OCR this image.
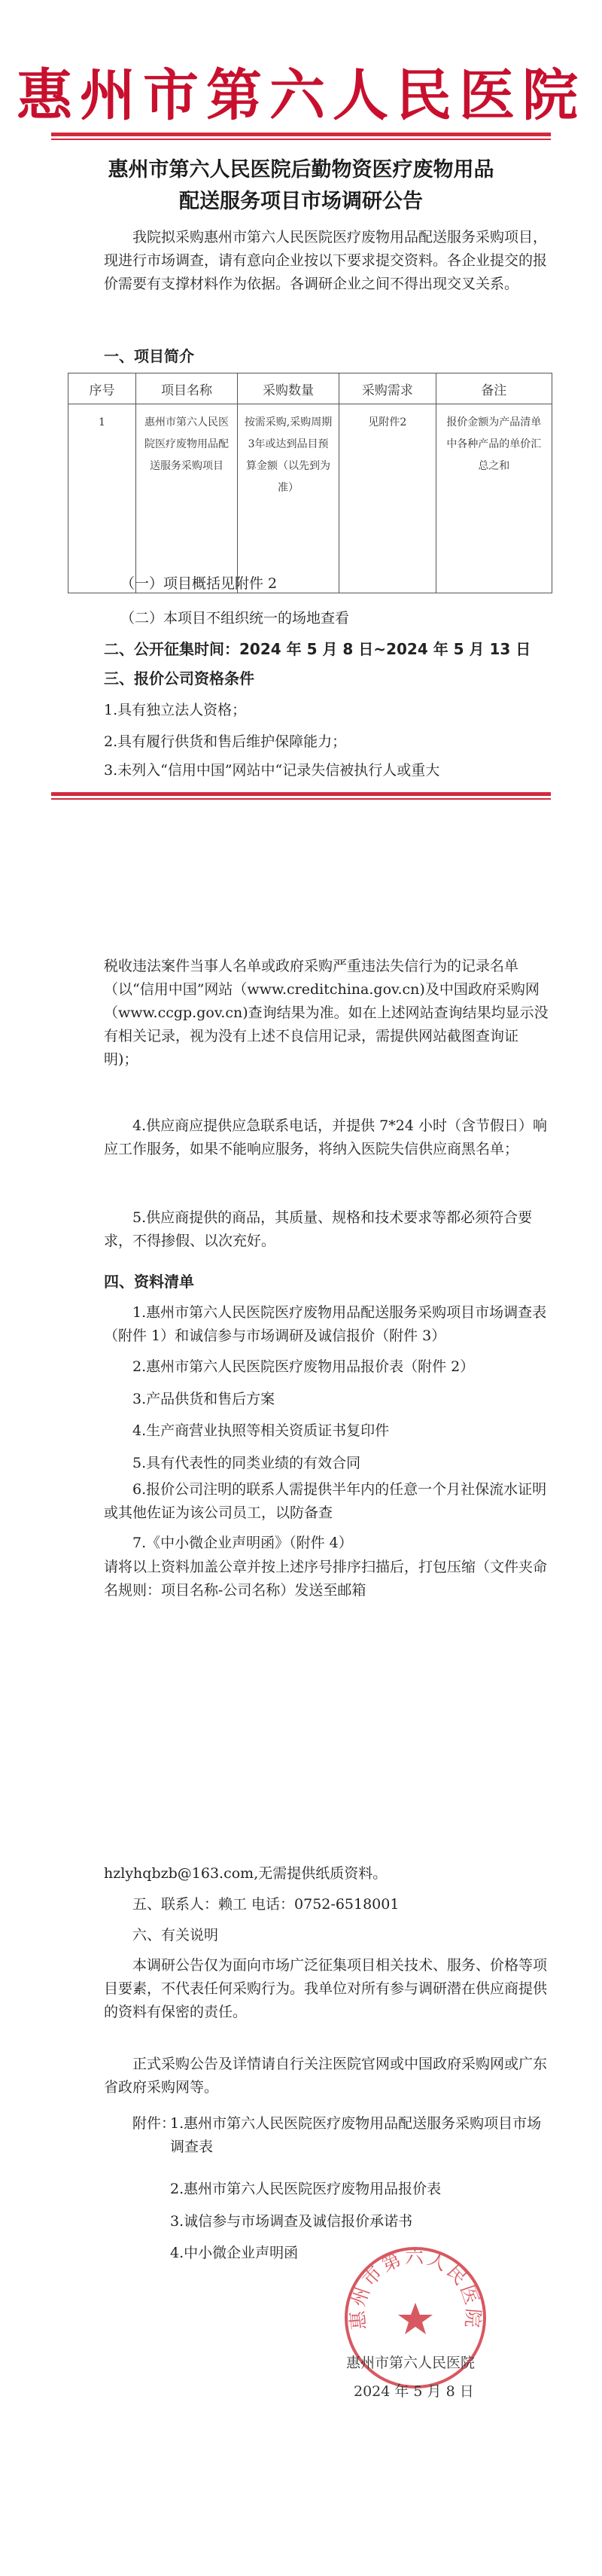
惠州市第六人民医院
惠州市第六人民医院后勤物资医疗废物用品
配送服务项目市场调研公告

我院拟采购惠州市第六人民医院医疗废物用品配送服务采购项目，现进行市场调查，请有意向企业按以下要求提交资料。各企业提交的报价需要有支撑材料作为依据。各调研企业之间不得出现交叉关系。

一、项目简介
序号	项目名称	采购数量	采购需求	备注
1	惠州市第六人民医院医疗废物用品配送服务采购项目	按需采购,采购周期3年或达到品目预算金额（以先到为准）	见附件2	报价金额为产品清单中各种产品的单价汇总之和
（一）项目概括见附件 2
（二）本项目不组织统一的场地查看
二、公开征集时间：2024 年 5 月 8 日~2024 年 5 月 13 日
三、报价公司资格条件
1.具有独立法人资格；
2.具有履行供货和售后维护保障能力；
3.未列入“信用中国”网站中“记录失信被执行人或重大

税收违法案件当事人名单或政府采购严重违法失信行为的记录名单（以“信用中国”网站（www.creditchina.gov.cn)及中国政府采购网（www.ccgp.gov.cn)查询结果为准。如在上述网站查询结果均显示没有相关记录，视为没有上述不良信用记录，需提供网站截图查询证明)；

4.供应商应提供应急联系电话，并提供 7*24 小时（含节假日）响应工作服务，如果不能响应服务，将纳入医院失信供应商黑名单；

5.供应商提供的商品，其质量、规格和技术要求等都必须符合要求，不得掺假、以次充好。

四、资料清单

1.惠州市第六人民医院医疗废物用品配送服务采购项目市场调查表（附件 1）和诚信参与市场调研及诚信报价（附件 3）

2.惠州市第六人民医院医疗废物用品报价表（附件 2）
3.产品供货和售后方案
4.生产商营业执照等相关资质证书复印件
5.具有代表性的同类业绩的有效合同

6.报价公司注明的联系人需提供半年内的任意一个月社保流水证明或其他佐证为该公司员工，以防备查

7.《中小微企业声明函》（附件 4）

请将以上资料加盖公章并按上述序号排序扫描后，打包压缩（文件夹命名规则：项目名称-公司名称）发送至邮箱

hzlyhqbzb@163.com,无需提供纸质资料。
五、联系人：赖工 电话：0752-6518001
六、有关说明

本调研公告仅为面向市场广泛征集项目相关技术、服务、价格等项目要素，不代表任何采购行为。我单位对所有参与调研潜在供应商提供的资料有保密的责任。

正式采购公告及详情请自行关注医院官网或中国政府采购网或广东省政府采购网等。

附件：
1.惠州市第六人民医院医疗废物用品配送服务采购项目市场调查表
2.惠州市第六人民医院医疗废物用品报价表
3.诚信参与市场调查及诚信报价承诺书
4.中小微企业声明函
惠州市第六人民医院
惠州市第六人民医院
2024 年 5 月 8 日
